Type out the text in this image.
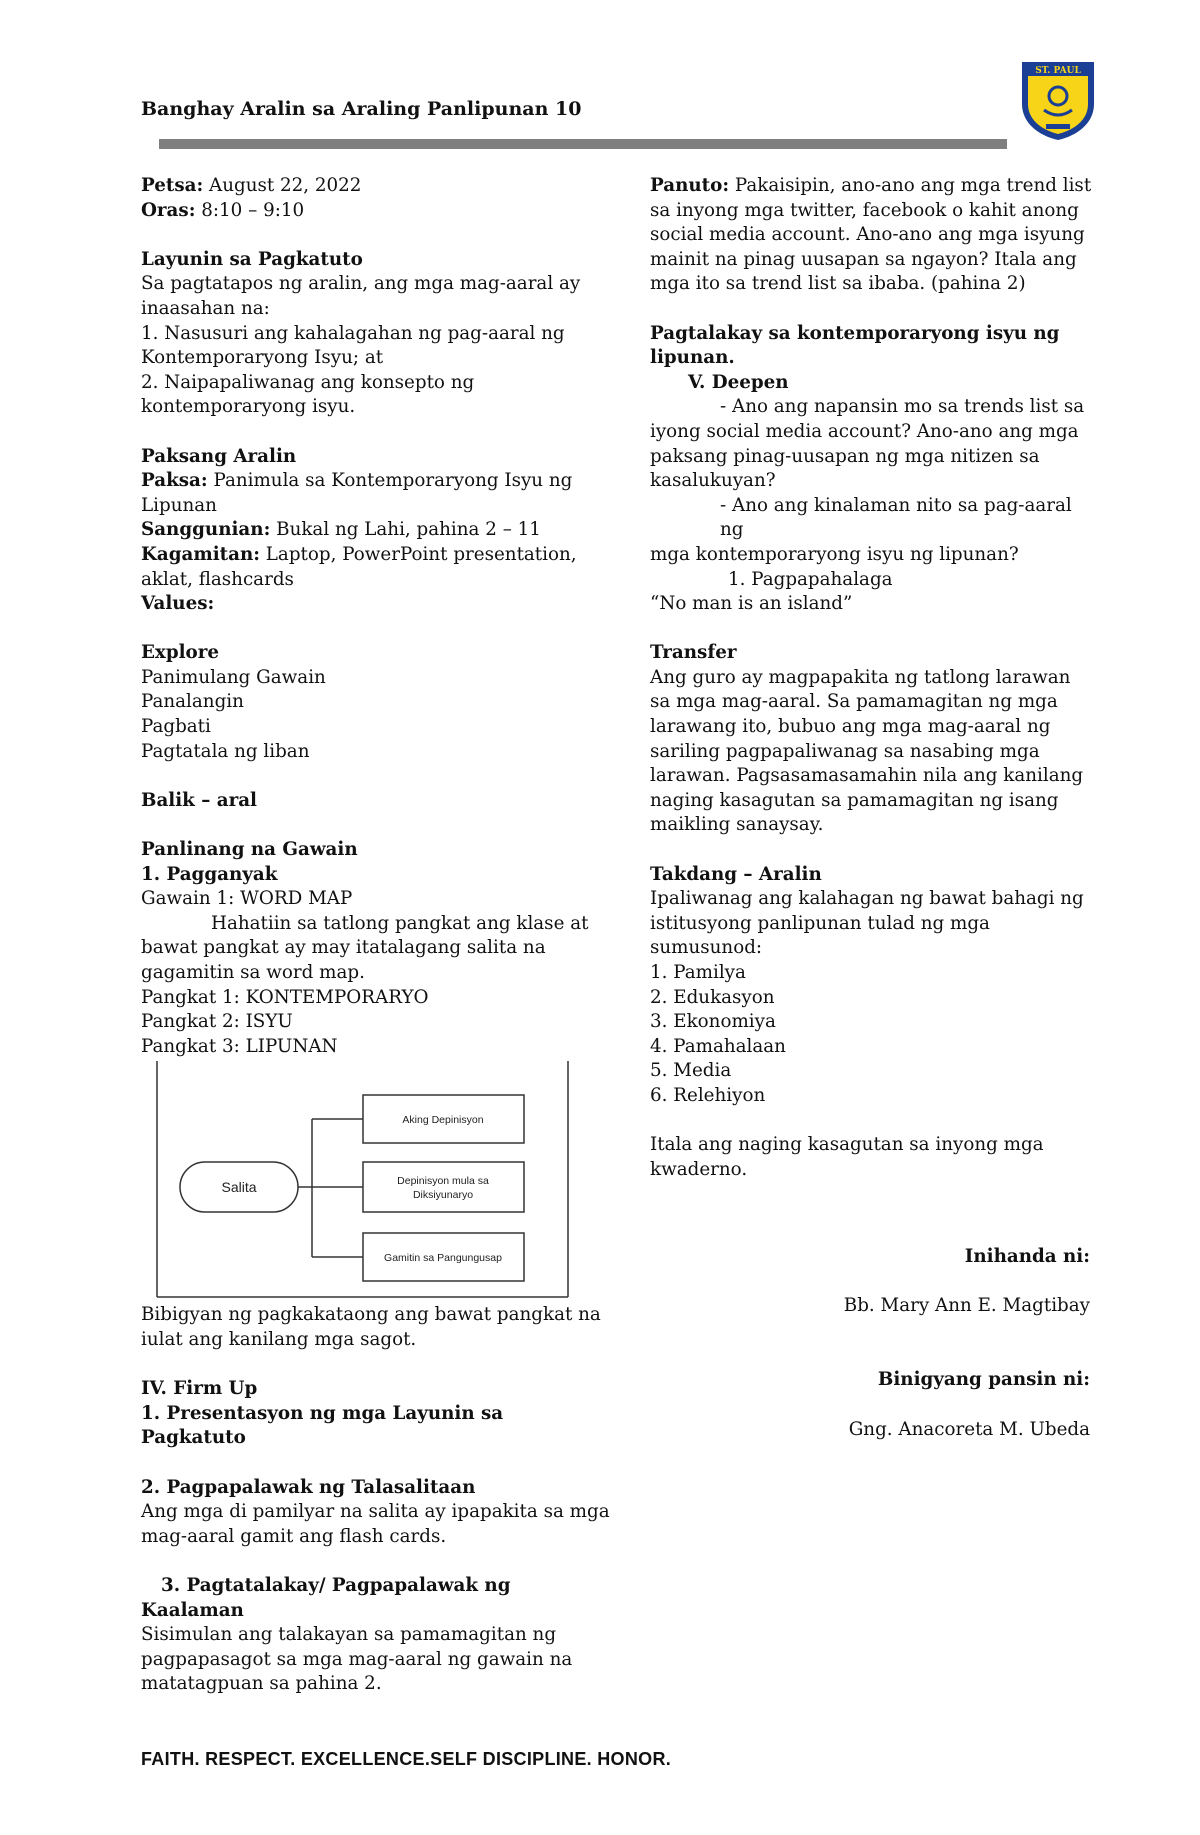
Banghay Aralin sa Araling Panlipunan 10
ST. PAUL

Petsa: August 22, 2022

Oras: 8:10 – 9:10

Layunin sa Pagkatuto

Sa pagtatapos ng aralin, ang mga mag-aaral ay inaasahan na:

1. Nasusuri ang kahalagahan ng pag-aaral ng Kontemporaryong Isyu; at

2. Naipapaliwanag ang konsepto ng kontemporaryong isyu.

Paksang Aralin

Paksa: Panimula sa Kontemporaryong Isyu ng Lipunan

Sanggunian: Bukal ng Lahi, pahina 2 – 11

Kagamitan: Laptop, PowerPoint presentation, aklat, flashcards

Values:

Explore

Panimulang Gawain

Panalangin

Pagbati

Pagtatala ng liban

Balik – aral

Panlinang na Gawain

1. Pagganyak

Gawain 1: WORD MAP

Hahatiin sa tatlong pangkat ang klase at bawat pangkat ay may itatalagang salita na gagamitin sa word map.

Pangkat 1: KONTEMPORARYO

Pangkat 2: ISYU

Pangkat 3: LIPUNAN

Salita
Aking Depinisyon
Depinisyon mula sa
Diksiyunaryo
Gamitin sa Pangungusap

Bibigyan ng pagkakataong ang bawat pangkat na iulat ang kanilang mga sagot.

IV. Firm Up

1. Presentasyon ng mga Layunin sa Pagkatuto

2. Pagpapalawak ng Talasalitaan

Ang mga di pamilyar na salita ay ipapakita sa mga mag-aaral gamit ang flash cards.

3. Pagtatalakay/ Pagpapalawak ng

Kaalaman

Sisimulan ang talakayan sa pamamagitan ng pagpapasagot sa mga mag-aaral ng gawain na matatagpuan sa pahina 2.

Panuto: Pakaisipin, ano-ano ang mga trend list sa inyong mga twitter, facebook o kahit anong social media account. Ano-ano ang mga isyung mainit na pinag uusapan sa ngayon? Itala ang mga ito sa trend list sa ibaba. (pahina 2)

Pagtalakay sa kontemporaryong isyu ng lipunan.

V. Deepen

- Ano ang napansin mo sa trends list sa

iyong social media account? Ano-ano ang mga paksang pinag-uusapan ng mga nitizen sa kasalukuyan?

- Ano ang kinalaman nito sa pag-aaral ng

mga kontemporaryong isyu ng lipunan?

1. Pagpapahalaga

“No man is an island”

Transfer

Ang guro ay magpapakita ng tatlong larawan sa mga mag-aaral. Sa pamamagitan ng mga larawang ito, bubuo ang mga mag-aaral ng sariling pagpapaliwanag sa nasabing mga larawan. Pagsasamasamahin nila ang kanilang naging kasagutan sa pamamagitan ng isang maikling sanaysay.

Takdang – Aralin

Ipaliwanag ang kalahagan ng bawat bahagi ng istitusyong panlipunan tulad ng mga sumusunod:

1. Pamilya

2. Edukasyon

3. Ekonomiya

4. Pamahalaan

5. Media

6. Relehiyon

Itala ang naging kasagutan sa inyong mga kwaderno.

Inihanda ni:
Bb. Mary Ann E. Magtibay
Binigyang pansin ni:
Gng. Anacoreta M. Ubeda
FAITH. RESPECT. EXCELLENCE.SELF DISCIPLINE. HONOR.
